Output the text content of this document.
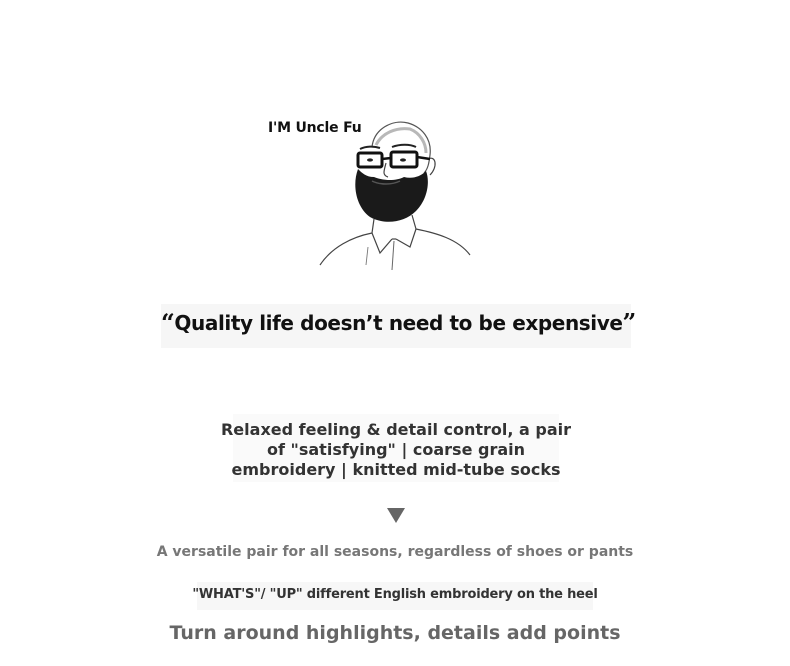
I'M Uncle Fu
“Quality life doesn’t need to be expensive”
Relaxed feeling & detail control, a pair
of "satisfying" | coarse grain
embroidery | knitted mid-tube socks
A versatile pair for all seasons, regardless of shoes or pants
"WHAT'S"/ "UP" different English embroidery on the heel
Turn around highlights, details add points
